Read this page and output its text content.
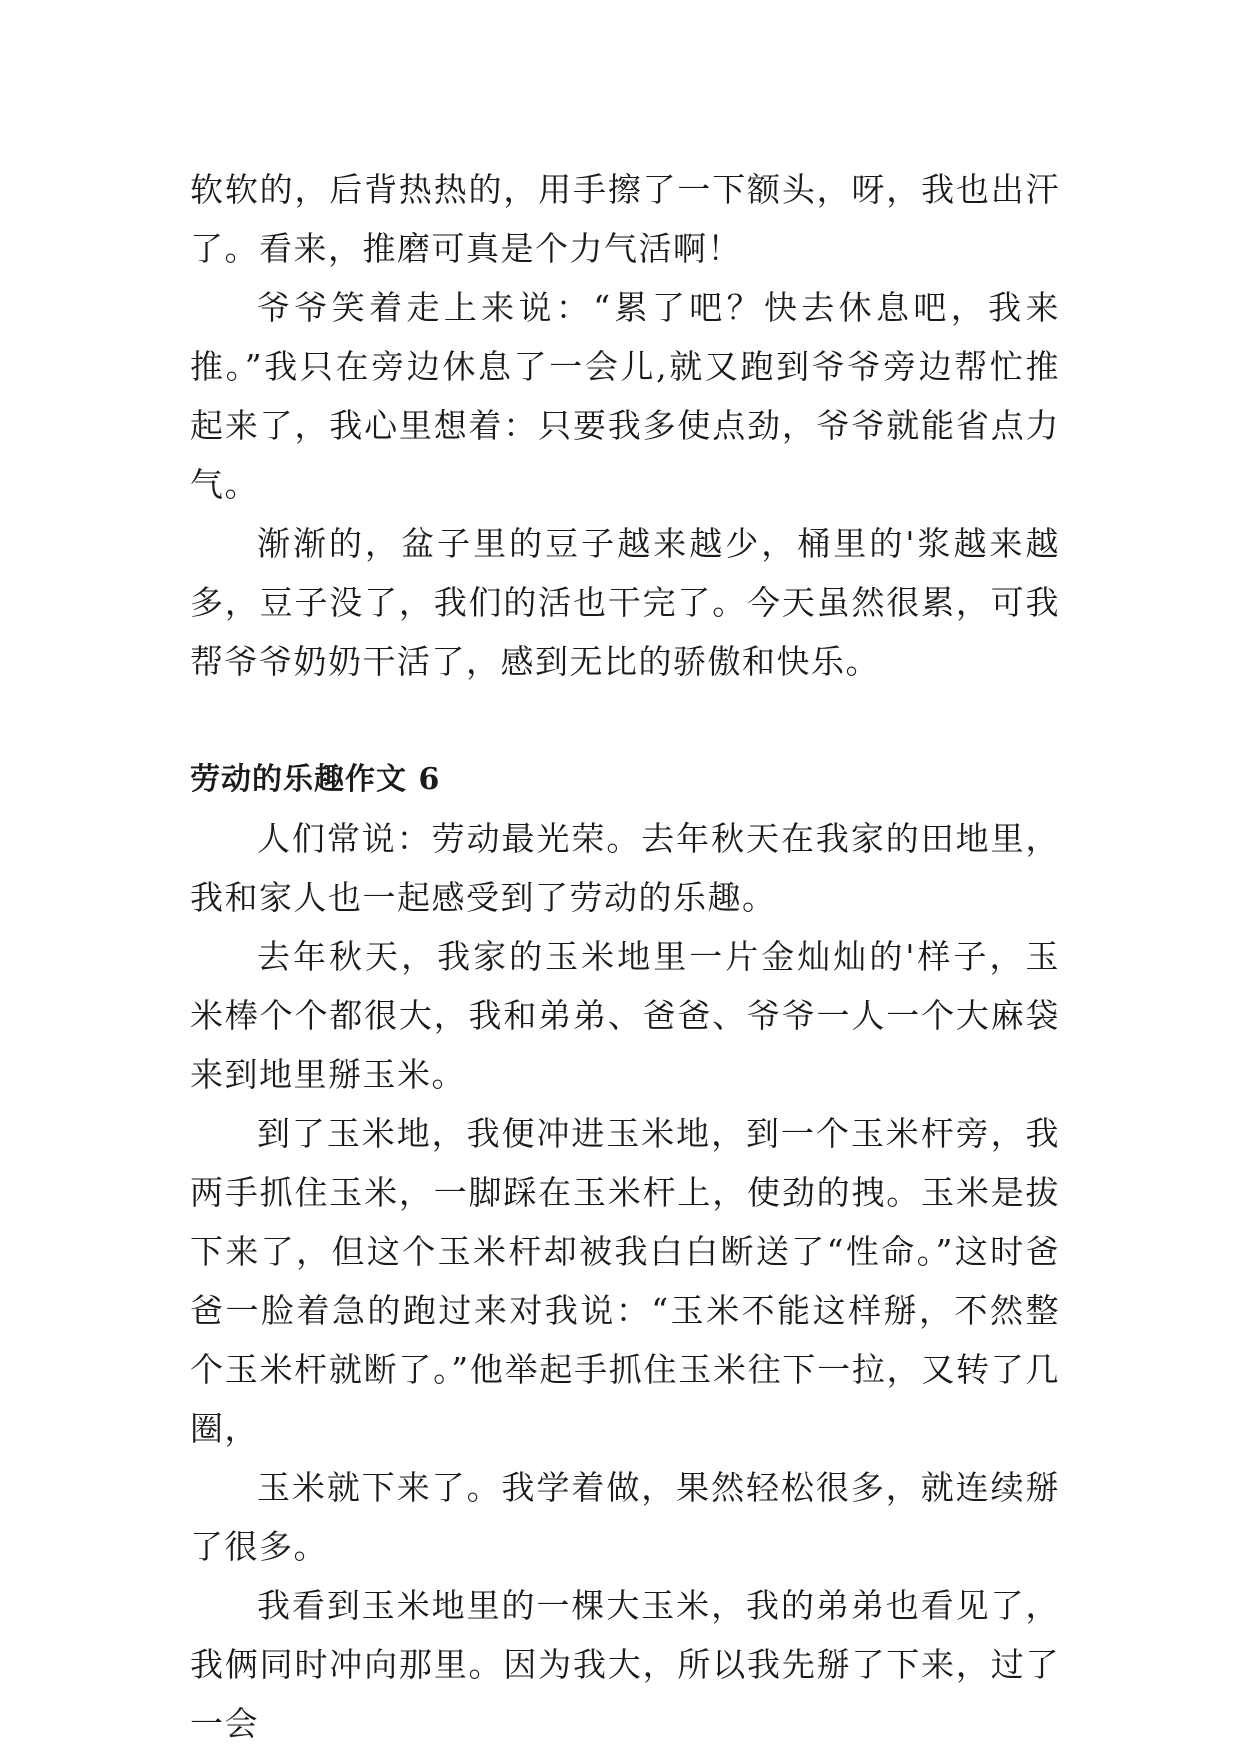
软软的，后背热热的，用手擦了一下额头，呀，我也出汗了。看来，推磨可真是个力气活啊！

爷爷笑着走上来说：“累了吧？快去休息吧，我来推。”我只在旁边休息了一会儿,就又跑到爷爷旁边帮忙推起来了，我心里想着：只要我多使点劲，爷爷就能省点力气。

渐渐的，盆子里的豆子越来越少，桶里的'浆越来越多，豆子没了，我们的活也干完了。今天虽然很累，可我帮爷爷奶奶干活了，感到无比的骄傲和快乐。

劳动的乐趣作文 6

人们常说：劳动最光荣。去年秋天在我家的田地里，我和家人也一起感受到了劳动的乐趣。

去年秋天，我家的玉米地里一片金灿灿的'样子，玉米棒个个都很大，我和弟弟、爸爸、爷爷一人一个大麻袋来到地里掰玉米。

到了玉米地，我便冲进玉米地，到一个玉米杆旁，我两手抓住玉米，一脚踩在玉米杆上，使劲的拽。玉米是拔下来了，但这个玉米杆却被我白白断送了“性命。”这时爸爸一脸着急的跑过来对我说：“玉米不能这样掰，不然整个玉米杆就断了。”他举起手抓住玉米往下一拉，又转了几圈，

玉米就下来了。我学着做，果然轻松很多，就连续掰了很多。

我看到玉米地里的一棵大玉米，我的弟弟也看见了，我俩同时冲向那里。因为我大，所以我先掰了下来，过了一会
